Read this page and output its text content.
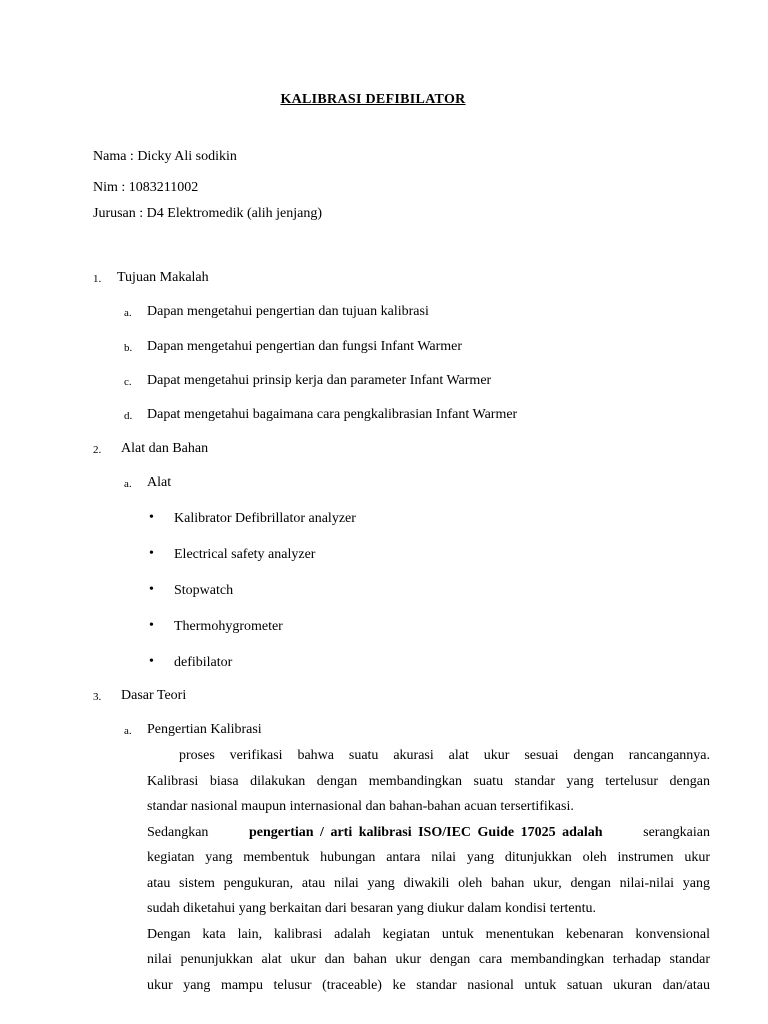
KALIBRASI DEFIBILATOR
Nama : Dicky Ali sodikin
Nim : 1083211002
Jurusan : D4 Elektromedik (alih jenjang)
1. Tujuan Makalah
a. Dapan mengetahui pengertian dan tujuan kalibrasi
b. Dapan mengetahui pengertian dan fungsi Infant Warmer
c. Dapat mengetahui prinsip kerja dan parameter Infant Warmer
d. Dapat mengetahui bagaimana cara pengkalibrasian Infant Warmer
2. Alat dan Bahan
a. Alat
• Kalibrator Defibrillator analyzer
• Electrical safety analyzer
• Stopwatch
• Thermohygrometer
• defibilator
3. Dasar Teori
a. Pengertian Kalibrasi
proses verifikasi bahwa suatu akurasi alat ukur sesuai dengan rancangannya.
Kalibrasi biasa dilakukan dengan membandingkan suatu standar yang tertelusur dengan
standar nasional maupun internasional dan bahan-bahan acuan tersertifikasi.
Sedangkan	pengertian / arti kalibrasi ISO/IEC Guide 17025 adalah	serangkaian
kegiatan yang membentuk hubungan antara nilai yang ditunjukkan oleh instrumen ukur
atau sistem pengukuran, atau nilai yang diwakili oleh bahan ukur, dengan nilai-nilai yang
sudah diketahui yang berkaitan dari besaran yang diukur dalam kondisi tertentu.
Dengan kata lain, kalibrasi adalah kegiatan untuk menentukan kebenaran konvensional
nilai penunjukkan alat ukur dan bahan ukur dengan cara membandingkan terhadap standar
ukur yang mampu telusur (traceable) ke standar nasional untuk satuan ukuran dan/atau
